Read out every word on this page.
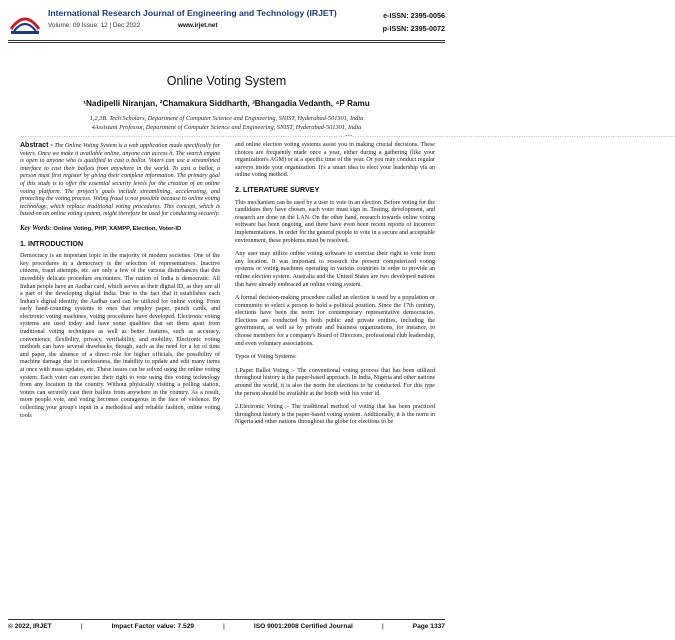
International Research Journal of Engineering and Technology (IRJET)
Volume: 09 Issue: 12 | Dec 2022	www.irjet.net
e-ISSN: 2395-0056
p-ISSN: 2395-0072
Online Voting System
¹Nadipelli Niranjan, ²Chamakura Siddharth, ³Bhangadia Vedanth, ⁴P Ramu
1,2,3B. Tech Scholars, Department of Computer Science and Engineering, SNIST, Hyderabad-501301, India
4Assistant Professor, Department of Computer Science and Engineering, SNIST, Hyderabad-501301, India
---------------------------------------------------------------------------------------------------------------------------------------***--------------------------------------------------------------------------------------------------------------------------------------

Abstract - The Online Voting System is a web application made specifically for voters. Once we make it available online, anyone can access it. The search engine is open to anyone who is qualified to cast a ballot. Voters can use a streamlined interface to cast their ballots from anywhere in the world. To cast a ballot, a person must first register by giving their complete information. The primary goal of this study is to offer the essential security levels for the creation of an online voting platform. The project's goals include streamlining, accelerating, and protecting the voting process. Voting fraud is not possible because to online voting technology, which replace traditional voting procedures. This concept, which is based on an online voting system, might therefore be used for conducting securely.

Key Words: Online Voting, PHP, XAMPP, Election, Voter-ID

1. INTRODUCTION

Democracy is an important topic in the majority of modern societies. One of the key procedures in a democracy is the selection of representatives. Inactive citizens, fraud attempts, etc. are only a few of the various disturbances that this incredibly delicate procedure encounters. The nation of India is democratic. All Indian people have an Aadhar card, which serves as their digital ID, as they are all a part of the developing digital India. Due to the fact that it establishes each Indian's digital identity, the Aadhar card can be utilized for online voting. From early hand-counting systems to ones that employ paper, punch cards, and electronic voting machines, voting procedures have developed. Electronic voting systems are used today and have some qualities that set them apart from traditional voting techniques as well as better features, such as accuracy, convenience, flexibility, privacy, verifiability, and mobility. Electronic voting methods can have several drawbacks, though, such as the need for a lot of time and paper, the absence of a direct role for higher officials, the possibility of machine damage due to carelessness, the inability to update and edit many items at once with mass updates, etc. These issues can be solved using the online voting system. Each voter can exercise their right to vote using this voting technology from any location in the country. Without physically visiting a polling station, voters can securely cast their ballots from anywhere in the country. As a result, more people vote, and voting becomes courageous in the face of violence. By collecting your group's input in a methodical and reliable fashion, online voting tools

and online election voting systems assist you in making crucial decisions. These choices are frequently made once a year, either during a gathering (like your organization's AGM) or at a specific time of the year. Or you may conduct regular surveys inside your organization. It's a smart idea to elect your leadership via an online voting method.

2. LITERATURE SURVEY

This mechanism can be used by a user to vote in an election. Before voting for the candidates they have chosen, each voter must sign in. Testing, development, and research are done on the LAN. On the other hand, research towards online voting software has been ongoing, and there have even been recent reports of incorrect implementations. In order for the general people to vote in a secure and acceptable environment, these problems must be resolved.

Any user may utilize online voting software to exercise their right to vote from any location. It was important to research the present computerized voting systems or voting machines operating in various countries in order to provide an online election system. Australia and the United States are two developed nations that have already embraced an online voting system.

A formal decision-making procedure called an election is used by a population or community to select a person to hold a political position. Since the 17th century, elections have been the norm for contemporary representative democracies. Elections are conducted by both public and private entities, including the government, as well as by private and business organizations, for instance, to choose members for a company's Board of Directors, professional club leadership, and even voluntary associations.

Types of Voting Systems:

1.Paper Ballot Voting :- The conventional voting process that has been utilized throughout history is the paper-based approach. In India, Nigeria and other nations around the world, it is also the norm for elections to be conducted. For this type the person should be available at the booth with his voter id.

2.Electronic Voting :- The traditional method of voting that has been practiced throughout history is the paper-based voting system. Additionally, it is the norm in Nigeria and other nations throughout the globe for elections to be

© 2022, IRJET	|	Impact Factor value: 7.529	|	ISO 9001:2008 Certified Journal	|	Page 1337
